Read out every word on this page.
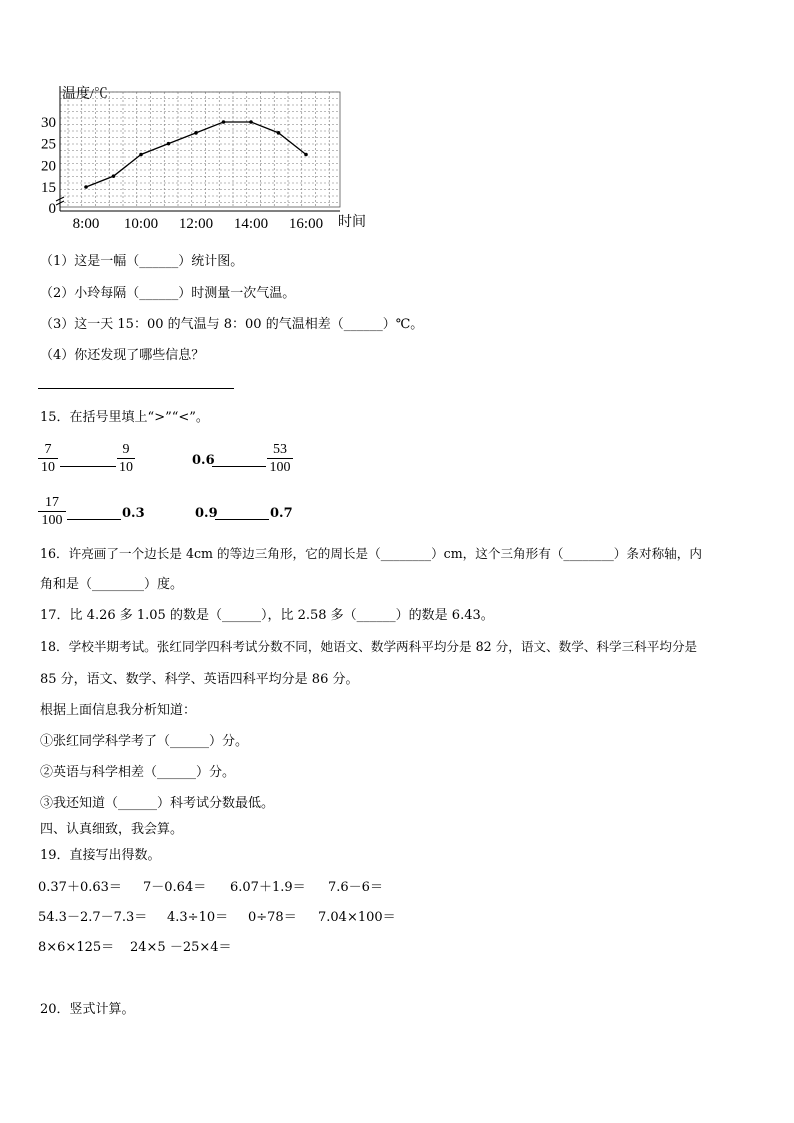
0
15
20
25
30
8:00 10:00 12:00 14:00 16:00
温度/℃
时间
（1）这是一幅（______）统计图。
（2）小玲每隔（______）时测量一次气温。
（3）这一天 15：00 的气温与 8：00 的气温相差（______）℃。
（4）你还发现了哪些信息？
15．在括号里填上“>”“<”。
$\frac{7}{10}$	$\frac{9}{10}$	0.6	$\frac{53}{100}$
$\frac{17}{100}$	0.3	0.9	0.7
16．许亮画了一个边长是 4cm 的等边三角形，它的周长是（________）cm，这个三角形有（________）条对称轴，内
角和是（________）度。
17．比 4.26 多 1.05 的数是（______），比 2.58 多（______）的数是 6.43。
18．学校半期考试。张红同学四科考试分数不同，她语文、数学两科平均分是 82 分，语文、数学、科学三科平均分是
85 分，语文、数学、科学、英语四科平均分是 86 分。
根据上面信息我分析知道：
①张红同学科学考了（______）分。
②英语与科学相差（______）分。
③我还知道（______）科考试分数最低。
四、认真细致，我会算。
19．直接写出得数。
0.37＋0.63＝ 7－0.64＝ 6.07＋1.9＝ 7.6－6＝
54.3－2.7－7.3＝ 4.3÷10＝ 0÷78＝ 7.04×100＝
8×6×125＝ 24×5 －25×4＝
20．竖式计算。
